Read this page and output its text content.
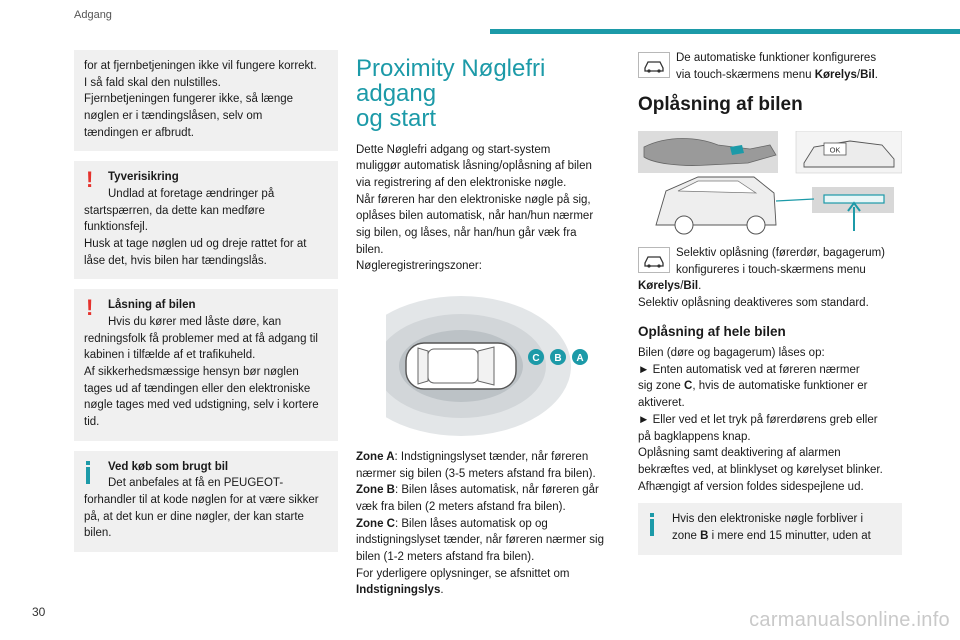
Adgang

for at fjernbetjeningen ikke vil fungere korrekt.

I så fald skal den nulstilles.

Fjernbetjeningen fungerer ikke, så længe

nøglen er i tændingslåsen, selv om

tændingen er afbrudt.

! Tyverisikring

Undlad at foretage ændringer på

startspærren, da dette kan medføre

funktionsfejl.

Husk at tage nøglen ud og dreje rattet for at

låse det, hvis bilen har tændingslås.

! Låsning af bilen

Hvis du kører med låste døre, kan

redningsfolk få problemer med at få adgang til

kabinen i tilfælde af et trafikuheld.

Af sikkerhedsmæssige hensyn bør nøglen

tages ud af tændingen eller den elektroniske

nøgle tages med ved udstigning, selv i kortere

tid.

Ved køb som brugt bil

Det anbefales at få en PEUGEOT-

forhandler til at kode nøglen for at være sikker

på, at det kun er dine nøgler, der kan starte

bilen.

Proximity Nøglefri adgang
og start

Dette Nøglefri adgang og start-system

muliggør automatisk låsning/oplåsning af bilen

via registrering af den elektroniske nøgle.

Når føreren har den elektroniske nøgle på sig,

oplåses bilen automatisk, når han/hun nærmer

sig bilen, og låses, når han/hun går væk fra

bilen.

Nøgleregistreringszoner:

C B A

Zone A: Indstigningslyset tænder, når føreren

nærmer sig bilen (3-5 meters afstand fra bilen).

Zone B: Bilen låses automatisk, når føreren går

væk fra bilen (2 meters afstand fra bilen).

Zone C: Bilen låses automatisk op og

indstigningslyset tænder, når føreren nærmer sig

bilen (1-2 meters afstand fra bilen).

For yderligere oplysninger, se afsnittet om

Indstigningslys.

De automatiske funktioner konfigureres

via touch-skærmens menu Kørelys/Bil.

Oplåsning af bilen
OK

Selektiv oplåsning (førerdør, bagagerum)

konfigureres i touch-skærmens menu

Kørelys/Bil.

Selektiv oplåsning deaktiveres som standard.

Oplåsning af hele bilen

Bilen (døre og bagagerum) låses op:

► Enten automatisk ved at føreren nærmer

sig zone C, hvis de automatiske funktioner er

aktiveret.

► Eller ved et let tryk på førerdørens greb eller

på bagklappens knap.

Oplåsning samt deaktivering af alarmen

bekræftes ved, at blinklyset og kørelyset blinker.

Afhængigt af version foldes sidespejlene ud.

Hvis den elektroniske nøgle forbliver i

zone B i mere end 15 minutter, uden at

30	carmanualsonline.info
